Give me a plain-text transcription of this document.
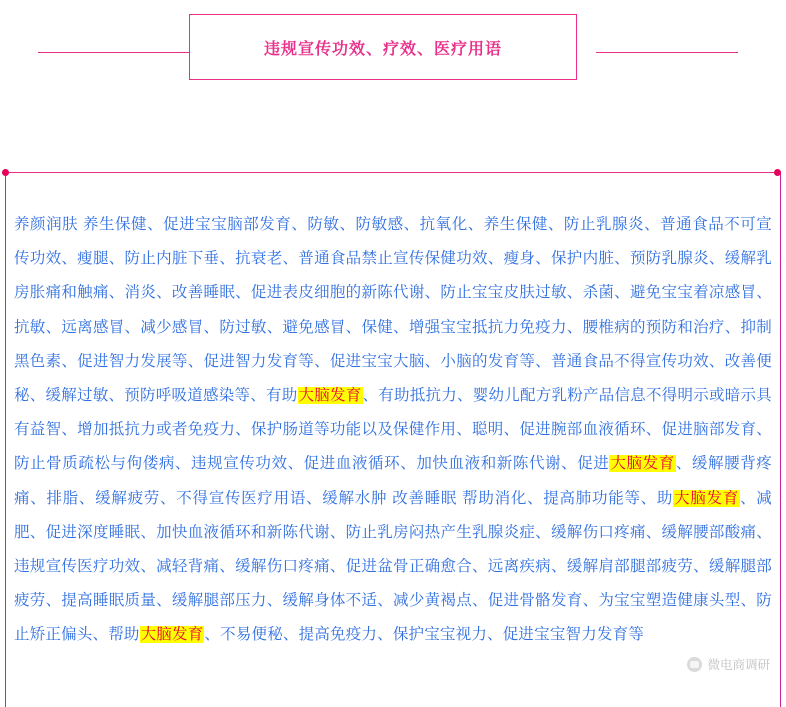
违规宣传功效、疗效、医疗用语
养颜润肤 养生保健、促进宝宝脑部发育、防敏、防敏感、抗氧化、养生保健、防止乳腺炎、普通食品不可宣传功效、瘦腿、防止内脏下垂、抗衰老、普通食品禁止宣传保健功效、瘦身、保护内脏、预防乳腺炎、缓解乳房胀痛和触痛、消炎、改善睡眠、促进表皮细胞的新陈代谢、防止宝宝皮肤过敏、杀菌、避免宝宝着凉感冒、抗敏、远离感冒、减少感冒、防过敏、避免感冒、保健、增强宝宝抵抗力免疫力、腰椎病的预防和治疗、抑制黑色素、促进智力发展等、促进智力发育等、促进宝宝大脑、小脑的发育等、普通食品不得宣传功效、改善便秘、缓解过敏、预防呼吸道感染等、有助大脑发育、有助抵抗力、婴幼儿配方乳粉产品信息不得明示或暗示具有益智、增加抵抗力或者免疫力、保护肠道等功能以及保健作用、聪明、促进腕部血液循环、促进脑部发育、防止骨质疏松与佝偻病、违规宣传功效、促进血液循环、加快血液和新陈代谢、促进大脑发育、缓解腰背疼痛、排脂、缓解疲劳、不得宣传医疗用语、缓解水肿 改善睡眠 帮助消化、提高肺功能等、助大脑发育、减肥、促进深度睡眠、加快血液循环和新陈代谢、防止乳房闷热产生乳腺炎症、缓解伤口疼痛、缓解腰部酸痛、违规宣传医疗功效、减轻背痛、缓解伤口疼痛、促进盆骨正确愈合、远离疾病、缓解肩部腿部疲劳、缓解腿部疲劳、提高睡眠质量、缓解腿部压力、缓解身体不适、减少黄褐点、促进骨骼发育、为宝宝塑造健康头型、防止矫正偏头、帮助大脑发育、不易便秘、提高免疫力、保护宝宝视力、促进宝宝智力发育等
微电商调研
